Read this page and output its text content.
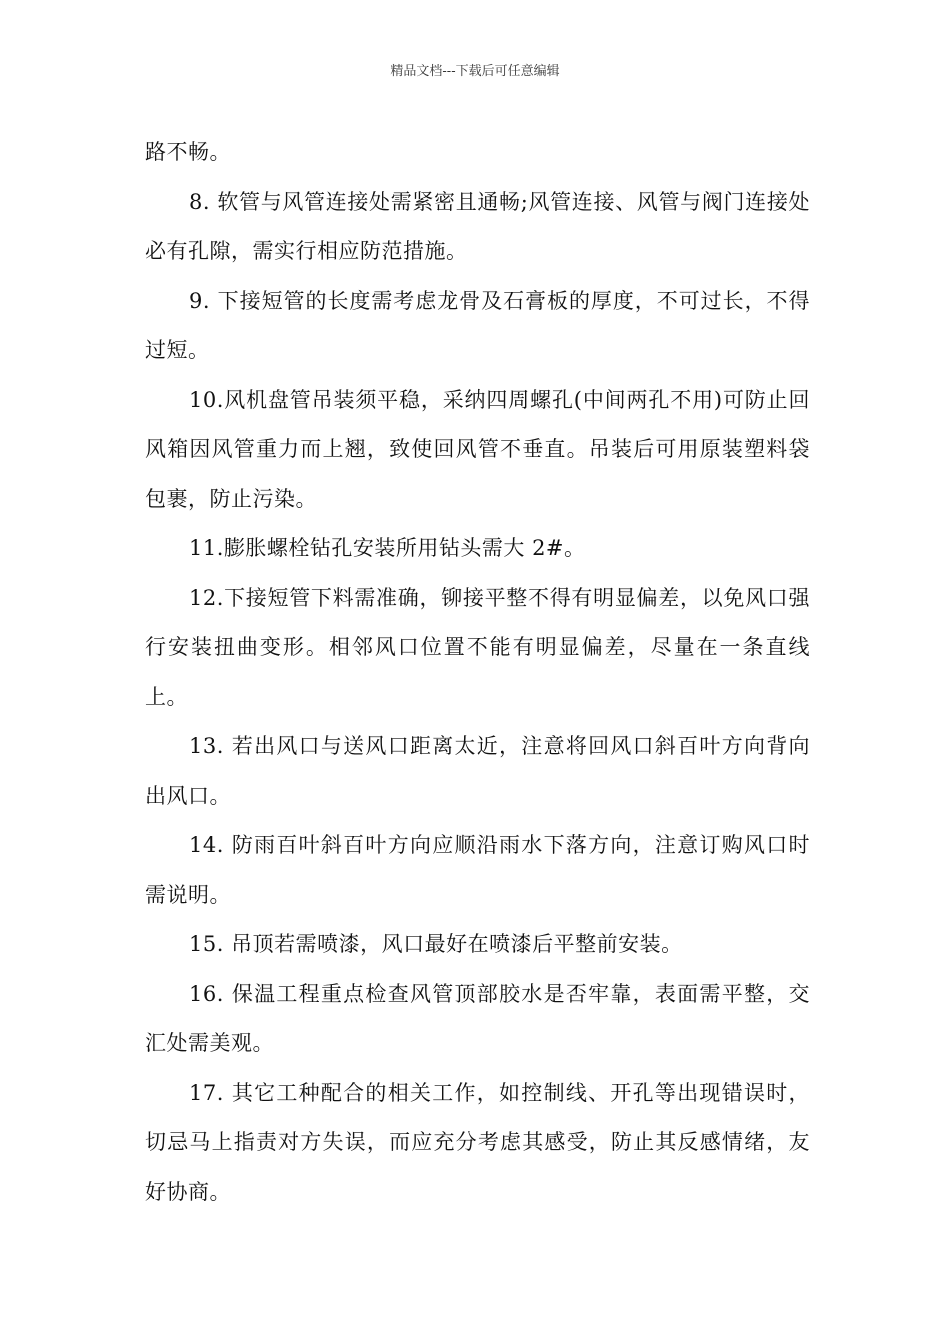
精品文档---下载后可任意编辑

路不畅。

8. 软管与风管连接处需紧密且通畅;风管连接、风管与阀门连接处必有孔隙，需实行相应防范措施。

9. 下接短管的长度需考虑龙骨及石膏板的厚度，不可过长，不得过短。

10.风机盘管吊装须平稳，采纳四周螺孔(中间两孔不用)可防止回风箱因风管重力而上翘，致使回风管不垂直。吊装后可用原装塑料袋包裹，防止污染。

11.膨胀螺栓钻孔安装所用钻头需大 2#。

12.下接短管下料需准确，铆接平整不得有明显偏差，以免风口强行安装扭曲变形。相邻风口位置不能有明显偏差，尽量在一条直线上。

13. 若出风口与送风口距离太近，注意将回风口斜百叶方向背向出风口。

14. 防雨百叶斜百叶方向应顺沿雨水下落方向，注意订购风口时需说明。

15. 吊顶若需喷漆，风口最好在喷漆后平整前安装。

16. 保温工程重点检查风管顶部胶水是否牢靠，表面需平整，交汇处需美观。

17. 其它工种配合的相关工作，如控制线、开孔等出现错误时，切忌马上指责对方失误，而应充分考虑其感受，防止其反感情绪，友好协商。
